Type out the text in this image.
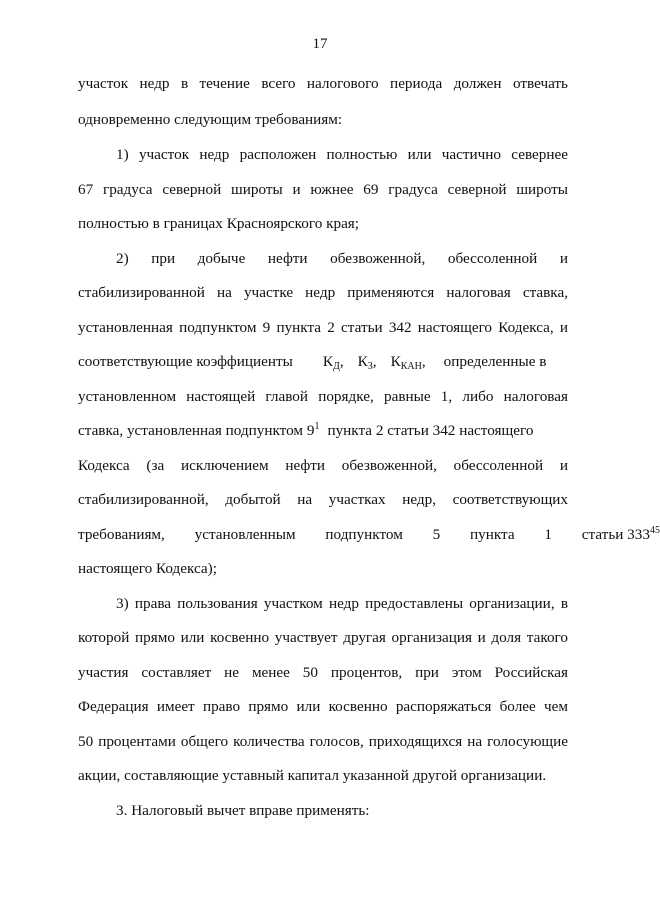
17
участок недр в течение всего налогового периода должен отвечать
одновременно следующим требованиям:
1) участок недр расположен полностью или частично севернее
67 градуса северной широты и южнее 69 градуса северной широты
полностью в границах Красноярского края;
2) при добыче нефти обезвоженной, обессоленной и
стабилизированной на участке недр применяются налоговая ставка,
установленная подпунктом 9 пункта 2 статьи 342 настоящего Кодекса, и
соответствующие коэффициенты $К_Д$, $К_З$, $К_{КАН}$, определенные в
установленном настоящей главой порядке, равные 1, либо налоговая
ставка, установленная подпунктом $9^1$ пункта 2 статьи 342 настоящего
Кодекса (за исключением нефти обезвоженной, обессоленной и
стабилизированной, добытой на участках недр, соответствующих
требованиям, установленным подпунктом 5 пункта 1 статьи $333^{45}$
настоящего Кодекса);
3) права пользования участком недр предоставлены организации, в
которой прямо или косвенно участвует другая организация и доля такого
участия составляет не менее 50 процентов, при этом Российская
Федерация имеет право прямо или косвенно распоряжаться более чем
50 процентами общего количества голосов, приходящихся на голосующие
акции, составляющие уставный капитал указанной другой организации.
3. Налоговый вычет вправе применять:
